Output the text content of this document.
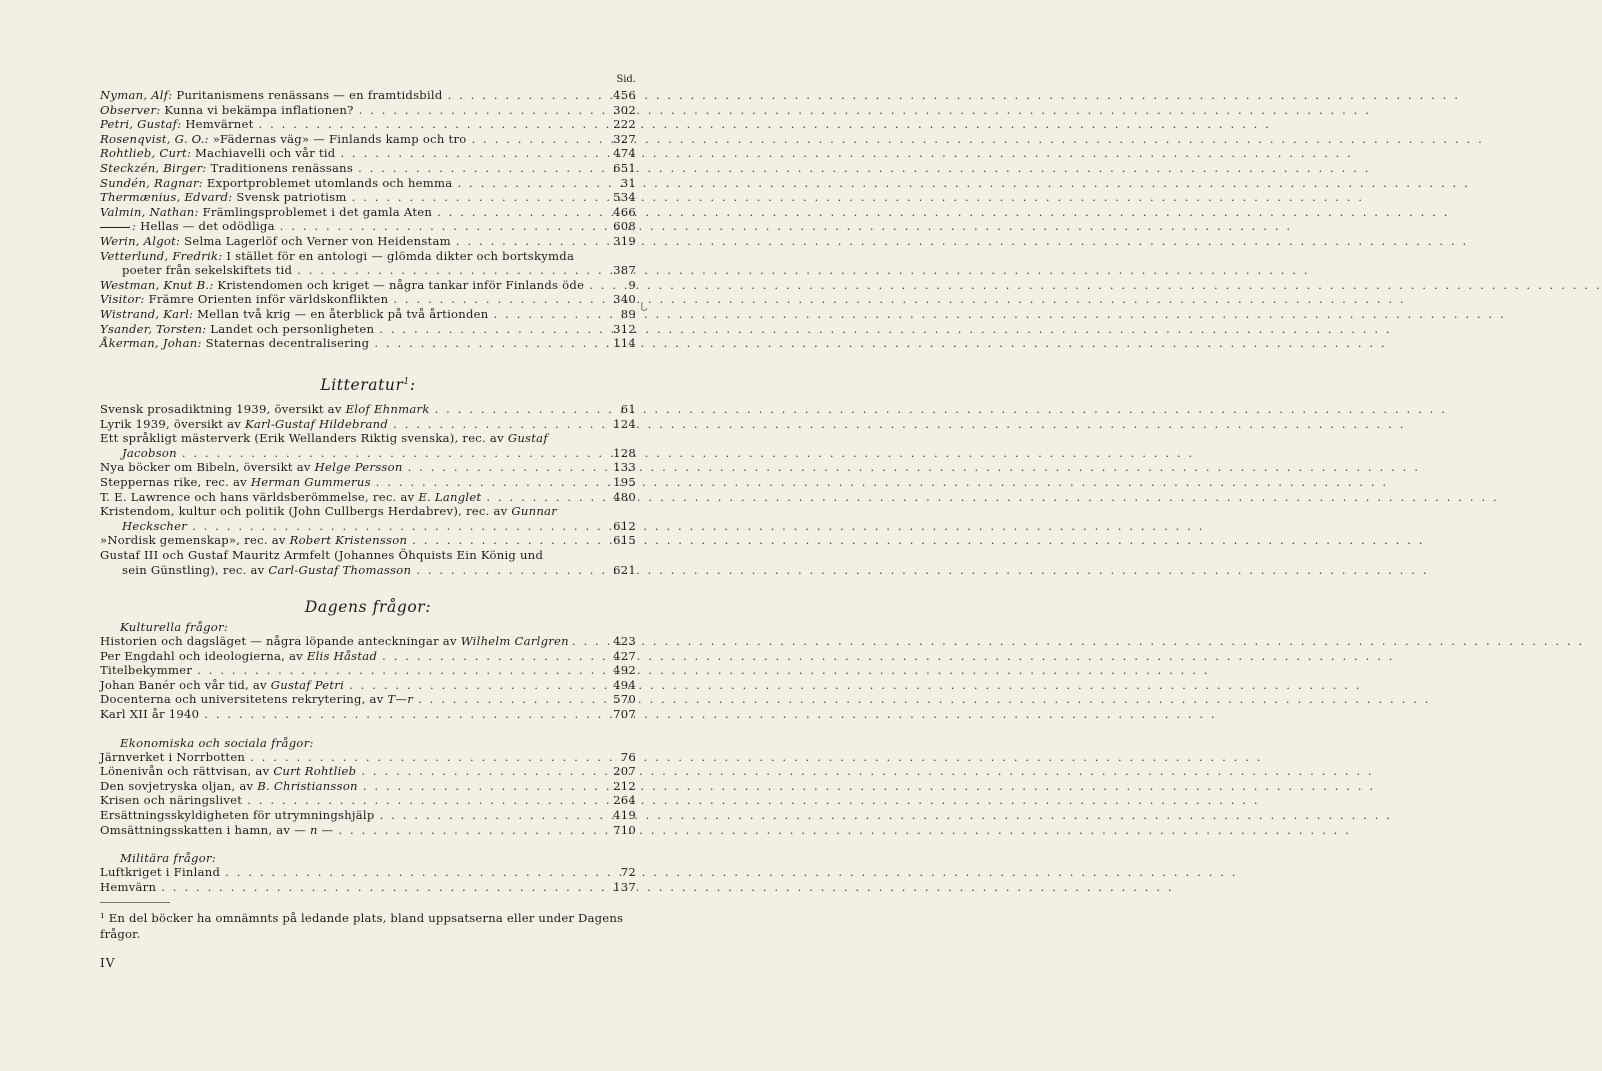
Sid.
ᒐ
Nyman, Alf: Puritanismens renässans — en framtidsbild . . .	456
Observer: Kunna vi bekämpa inflationen? . . .	302
Petri, Gustaf: Hemvärnet . . .	222
Rosenqvist, G. O.: »Fädernas väg» — Finlands kamp och tro . . .	327
Rohtlieb, Curt: Machiavelli och vår tid . . .	474
Steckzén, Birger: Traditionens renässans . . .	651
Sundén, Ragnar: Exportproblemet utomlands och hemma . . .	31
Thermænius, Edvard: Svensk patriotism . . .	534
Valmin, Nathan: Främlingsproblemet i det gamla Aten . . .	466
: Hellas — det odödliga . . .	608
Werin, Algot: Selma Lagerlöf och Verner von Heidenstam . . .	319
Vetterlund, Fredrik: I stället för en antologi — glömda dikter och bortskymda
poeter från sekelskiftets tid . . .	387
Westman, Knut B.: Kristendomen och kriget — några tankar inför Finlands öde . . .	9
Visitor: Främre Orienten inför världskonflikten . . .	340
Wistrand, Karl: Mellan två krig — en återblick på två årtionden . . .	89
Ysander, Torsten: Landet och personligheten . . .	312
Åkerman, Johan: Staternas decentralisering . . .	114
Litteratur$^1$:
Svensk prosadiktning 1939, översikt av Elof Ehnmark . . .	61
Lyrik 1939, översikt av Karl-Gustaf Hildebrand . . .	124
Ett språkligt mästerverk (Erik Wellanders Riktig svenska), rec. av Gustaf
Jacobson . . .	128
Nya böcker om Bibeln, översikt av Helge Persson . . .	133
Steppernas rike, rec. av Herman Gummerus . . .	195
T. E. Lawrence och hans världsberömmelse, rec. av E. Langlet . . .	480
Kristendom, kultur och politik (John Cullbergs Herdabrev), rec. av Gunnar
Heckscher . . .	612
»Nordisk gemenskap», rec. av Robert Kristensson . . .	615
Gustaf III och Gustaf Mauritz Armfelt (Johannes Öhquists Ein König und
sein Günstling), rec. av Carl-Gustaf Thomasson . . .	621
Dagens frågor:
Kulturella frågor:
Historien och dagsläget — några löpande anteckningar av Wilhelm Carlgren . . .	423
Per Engdahl och ideologierna, av Elis Håstad . . .	427
Titelbekymmer . . .	492
Johan Banér och vår tid, av Gustaf Petri . . .	494
Docenterna och universitetens rekrytering, av T—r . . .	570
Karl XII år 1940 . . .	707
Ekonomiska och sociala frågor:
Järnverket i Norrbotten . . .	76
Lönenivån och rättvisan, av Curt Rohtlieb . . .	207
Den sovjetryska oljan, av B. Christiansson . . .	212
Krisen och näringslivet . . .	264
Ersättningsskyldigheten för utrymningshjälp . . .	419
Omsättningsskatten i hamn, av — n — . . .	710
Militära frågor:
Luftkriget i Finland . . .	72
Hemvärn . . .	137
¹ En del böcker ha omnämnts på ledande plats, bland uppsatserna eller under Dagens frågor.
IV
